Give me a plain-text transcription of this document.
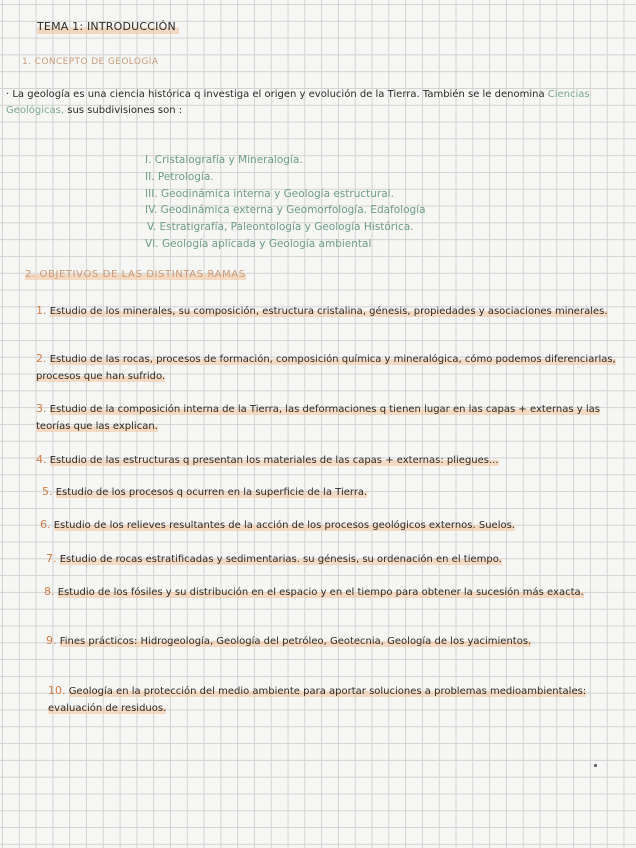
TEMA 1: INTRODUCCIÓN
1. CONCEPTO DE GEOLOGÍA
· La geología es una ciencia histórica q investiga el origen y evolución de la Tierra. También se le denomina Ciencias Geológicas, sus subdivisiones son :
I. Cristalografía y Mineralogía.
II. Petrología.
III. Geodinámica interna y Geología estructural.
IV. Geodinámica externa y Geomorfología. Edafología
V. Estratigrafía, Paleontología y Geología Histórica.
VI. Geología aplicada y Geología ambiental
2. OBJETIVOS DE LAS DISTINTAS RAMAS
1. Estudio de los minerales, su composición, estructura cristalina, génesis, propiedades y asociaciones minerales.
2. Estudio de las rocas, procesos de formación, composición química y mineralógica, cómo podemos diferenciarlas, procesos que han sufrido.
3. Estudio de la composición interna de la Tierra, las deformaciones q tienen lugar en las capas + externas y las teorías que las explican.
4. Estudio de las estructuras q presentan los materiales de las capas + externas: pliegues...
5. Estudio de los procesos q ocurren en la superficie de la Tierra.
6. Estudio de los relieves resultantes de la acción de los procesos geológicos externos. Suelos.
7. Estudio de rocas estratificadas y sedimentarias. su génesis, su ordenación en el tiempo.
8. Estudio de los fósiles y su distribución en el espacio y en el tiempo para obtener la sucesión más exacta.
9. Fines prácticos: Hidrogeología, Geología del petróleo, Geotecnia, Geología de los yacimientos.
10. Geología en la protección del medio ambiente para aportar soluciones a problemas medioambientales: evaluación de residuos.
